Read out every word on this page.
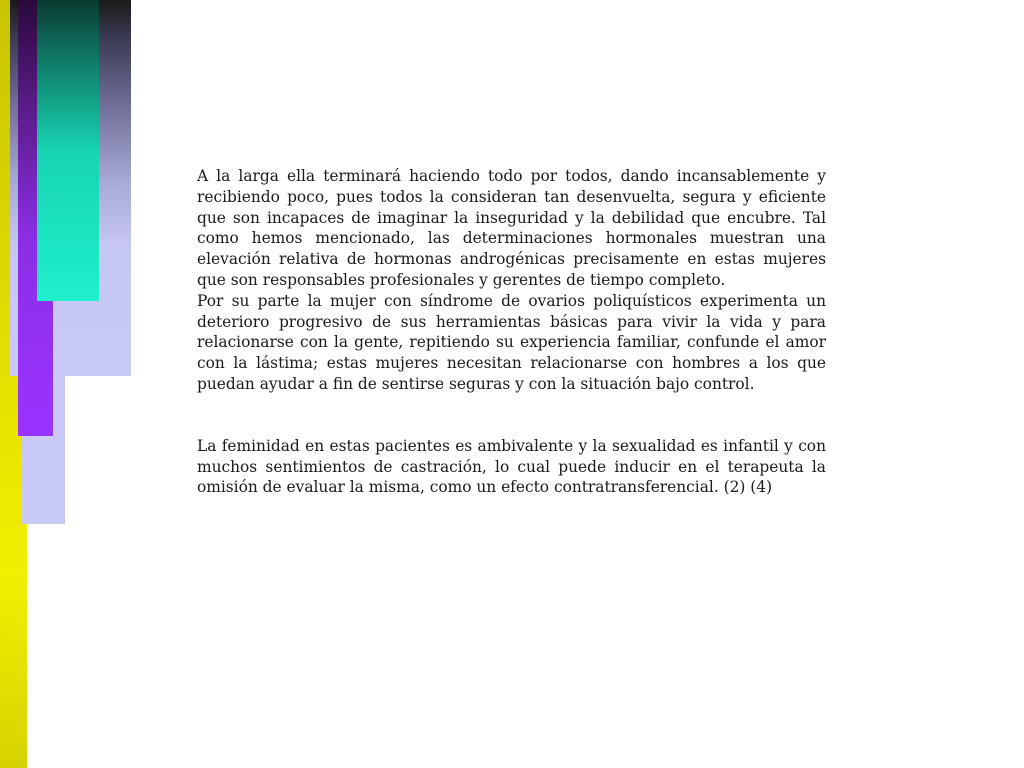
A la larga ella terminará haciendo todo por todos, dando incansablemente y recibiendo poco, pues todos la consideran tan desenvuelta, segura y eficiente que son incapaces de imaginar la inseguridad y la debilidad que encubre. Tal como hemos mencionado, las determinaciones hormonales muestran una elevación relativa de hormonas androgénicas precisamente en estas mujeres que son responsables profesionales y gerentes de tiempo completo.

Por su parte la mujer con síndrome de ovarios poliquísticos experimenta un deterioro progresivo de sus herramientas básicas para vivir la vida y para relacionarse con la gente, repitiendo su experiencia familiar, confunde el amor con la lástima; estas mujeres necesitan relacionarse con hombres a los que puedan ayudar a fin de sentirse seguras y con la situación bajo control.

La feminidad en estas pacientes es ambivalente y la sexualidad es infantil y con muchos sentimientos de castración, lo cual puede inducir en el terapeuta la omisión de evaluar la misma, como un efecto contratransferencial. (2) (4)
